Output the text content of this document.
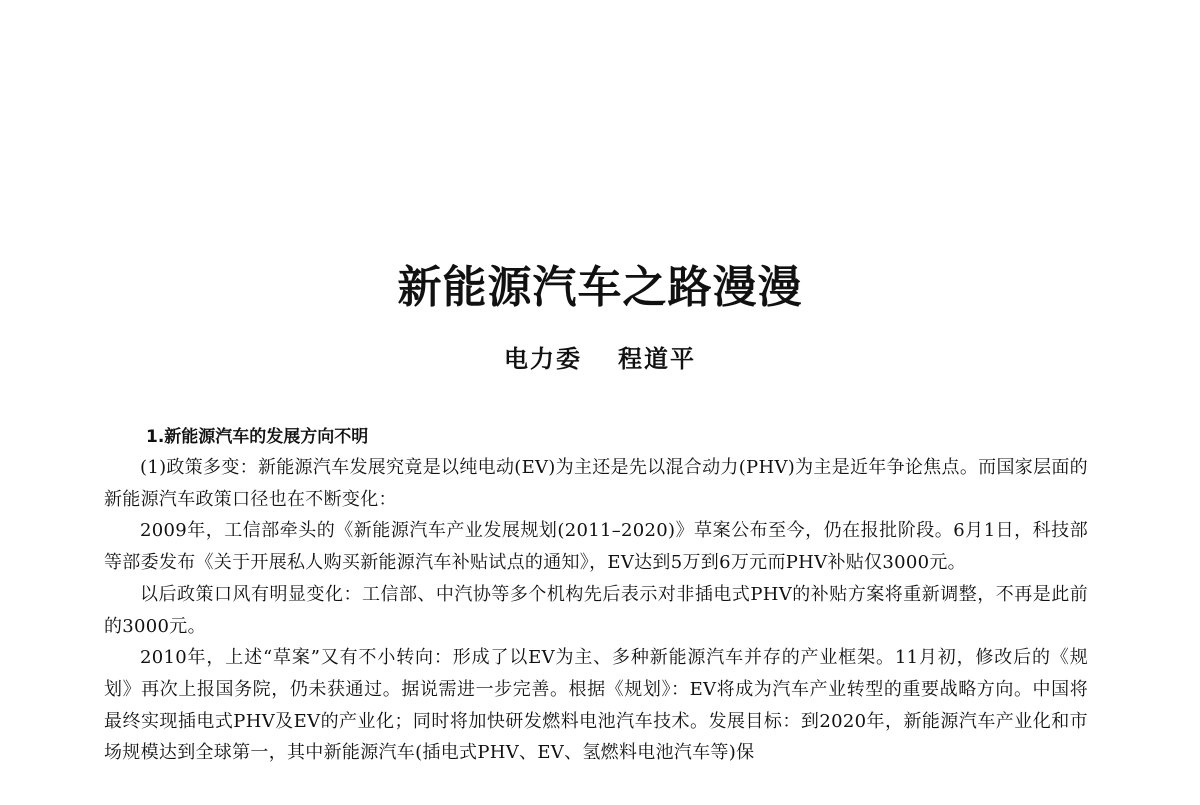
新能源汽车之路漫漫
电力委 程道平
1.新能源汽车的发展方向不明

(1)政策多变：新能源汽车发展究竟是以纯电动(EV)为主还是先以混合动力(PHV)为主是近年争论焦点。而国家层面的新能源汽车政策口径也在不断变化：

2009年，工信部牵头的《新能源汽车产业发展规划(2011–2020)》草案公布至今，仍在报批阶段。6月1日，科技部等部委发布《关于开展私人购买新能源汽车补贴试点的通知》，EV达到5万到6万元而PHV补贴仅3000元。

以后政策口风有明显变化：工信部、中汽协等多个机构先后表示对非插电式PHV的补贴方案将重新调整，不再是此前的3000元。

2010年，上述“草案”又有不小转向：形成了以EV为主、多种新能源汽车并存的产业框架。11月初，修改后的《规划》再次上报国务院，仍未获通过。据说需进一步完善。根据《规划》：EV将成为汽车产业转型的重要战略方向。中国将最终实现插电式PHV及EV的产业化；同时将加快研发燃料电池汽车技术。发展目标：到2020年，新能源汽车产业化和市场规模达到全球第一，其中新能源汽车(插电式PHV、EV、氢燃料电池汽车等)保
